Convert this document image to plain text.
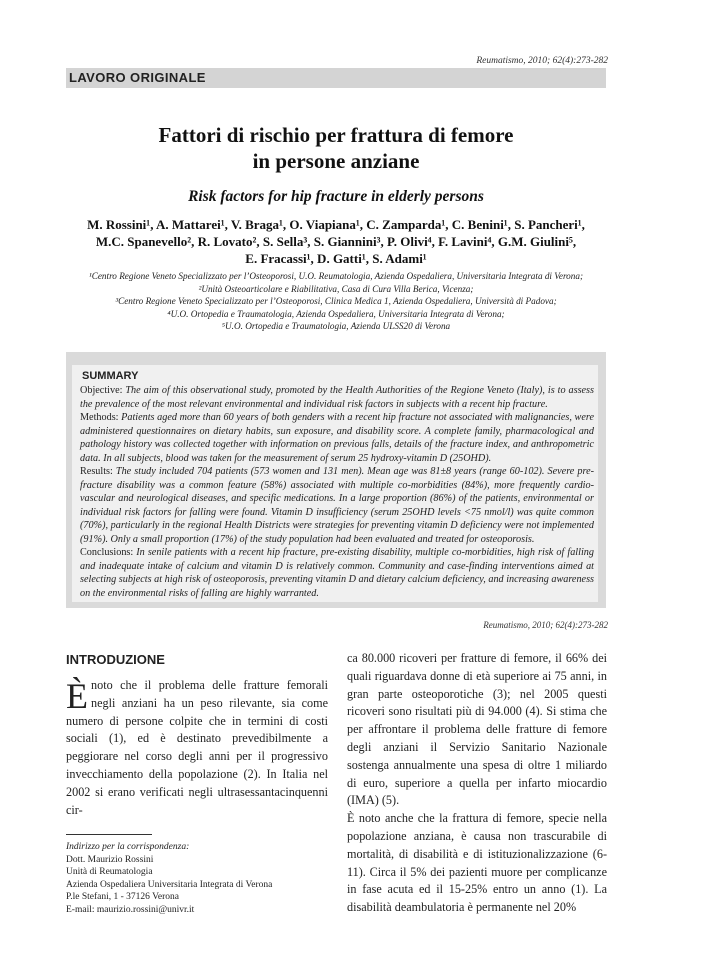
Reumatismo, 2010; 62(4):273-282
LAVORO ORIGINALE
Fattori di rischio per frattura di femore
in persone anziane
Risk factors for hip fracture in elderly persons
M. Rossini¹, A. Mattarei¹, V. Braga¹, O. Viapiana¹, C. Zamparda¹, C. Benini¹, S. Pancheri¹,
M.C. Spanevello², R. Lovato², S. Sella³, S. Giannini³, P. Olivi⁴, F. Lavini⁴, G.M. Giulini⁵,
E. Fracassi¹, D. Gatti¹, S. Adami¹
¹Centro Regione Veneto Specializzato per l’Osteoporosi, U.O. Reumatologia, Azienda Ospedaliera, Universitaria Integrata di Verona;
²Unità Osteoarticolare e Riabilitativa, Casa di Cura Villa Berica, Vicenza;
³Centro Regione Veneto Specializzato per l’Osteoporosi, Clinica Medica 1, Azienda Ospedaliera, Università di Padova;
⁴U.O. Ortopedia e Traumatologia, Azienda Ospedaliera, Universitaria Integrata di Verona;
⁵U.O. Ortopedia e Traumatologia, Azienda ULSS20 di Verona
SUMMARY
Objective: The aim of this observational study, promoted by the Health Authorities of the Regione Veneto (Italy), is to assess the prevalence of the most relevant environmental and individual risk factors in subjects with a recent hip fracture.
Methods: Patients aged more than 60 years of both genders with a recent hip fracture not associated with malignancies, were administered questionnaires on dietary habits, sun exposure, and disability score. A complete family, pharmacological and pathology history was collected together with information on previous falls, details of the fracture index, and anthropometric data. In all subjects, blood was taken for the measurement of serum 25 hydroxy-vitamin D (25OHD).
Results: The study included 704 patients (573 women and 131 men). Mean age was 81±8 years (range 60-102). Severe pre-fracture disability was a common feature (58%) associated with multiple co-morbidities (84%), more frequently cardio-vascular and neurological diseases, and specific medications. In a large proportion (86%) of the patients, environmental or individual risk factors for falling were found. Vitamin D insufficiency (serum 25OHD levels <75 nmol/l) was quite common (70%), particularly in the regional Health Districts were strategies for preventing vitamin D deficiency were not implemented (91%). Only a small proportion (17%) of the study population had been evaluated and treated for osteoporosis.
Conclusions: In senile patients with a recent hip fracture, pre-existing disability, multiple co-morbidities, high risk of falling and inadequate intake of calcium and vitamin D is relatively common. Community and case-finding interventions aimed at selecting subjects at high risk of osteoporosis, preventing vitamin D and dietary calcium deficiency, and increasing awareness on the environmental risks of falling are highly warranted.
Reumatismo, 2010; 62(4):273-282
INTRODUZIONE
Ènoto che il problema delle fratture femorali negli anziani ha un peso rilevante, sia come numero di persone colpite che in termini di costi sociali (1), ed è destinato prevedibilmente a peggiorare nel corso degli anni per il progressivo invecchiamento della popolazione (2). In Italia nel 2002 si erano verificati negli ultrasessantacinquenni cir-
Indirizzo per la corrispondenza:
Dott. Maurizio Rossini
Unità di Reumatologia
Azienda Ospedaliera Universitaria Integrata di Verona
P.le Stefani, 1 - 37126 Verona
E-mail: maurizio.rossini@univr.it
ca 80.000 ricoveri per fratture di femore, il 66% dei quali riguardava donne di età superiore ai 75 anni, in gran parte osteoporotiche (3); nel 2005 questi ricoveri sono risultati più di 94.000 (4). Si stima che per affrontare il problema delle fratture di femore degli anziani il Servizio Sanitario Nazionale sostenga annualmente una spesa di oltre 1 miliardo di euro, superiore a quella per infarto miocardio (IMA) (5).
È noto anche che la frattura di femore, specie nella popolazione anziana, è causa non trascurabile di mortalità, di disabilità e di istituzionalizzazione (6-11). Circa il 5% dei pazienti muore per complicanze in fase acuta ed il 15-25% entro un anno (1). La disabilità deambulatoria è permanente nel 20%
